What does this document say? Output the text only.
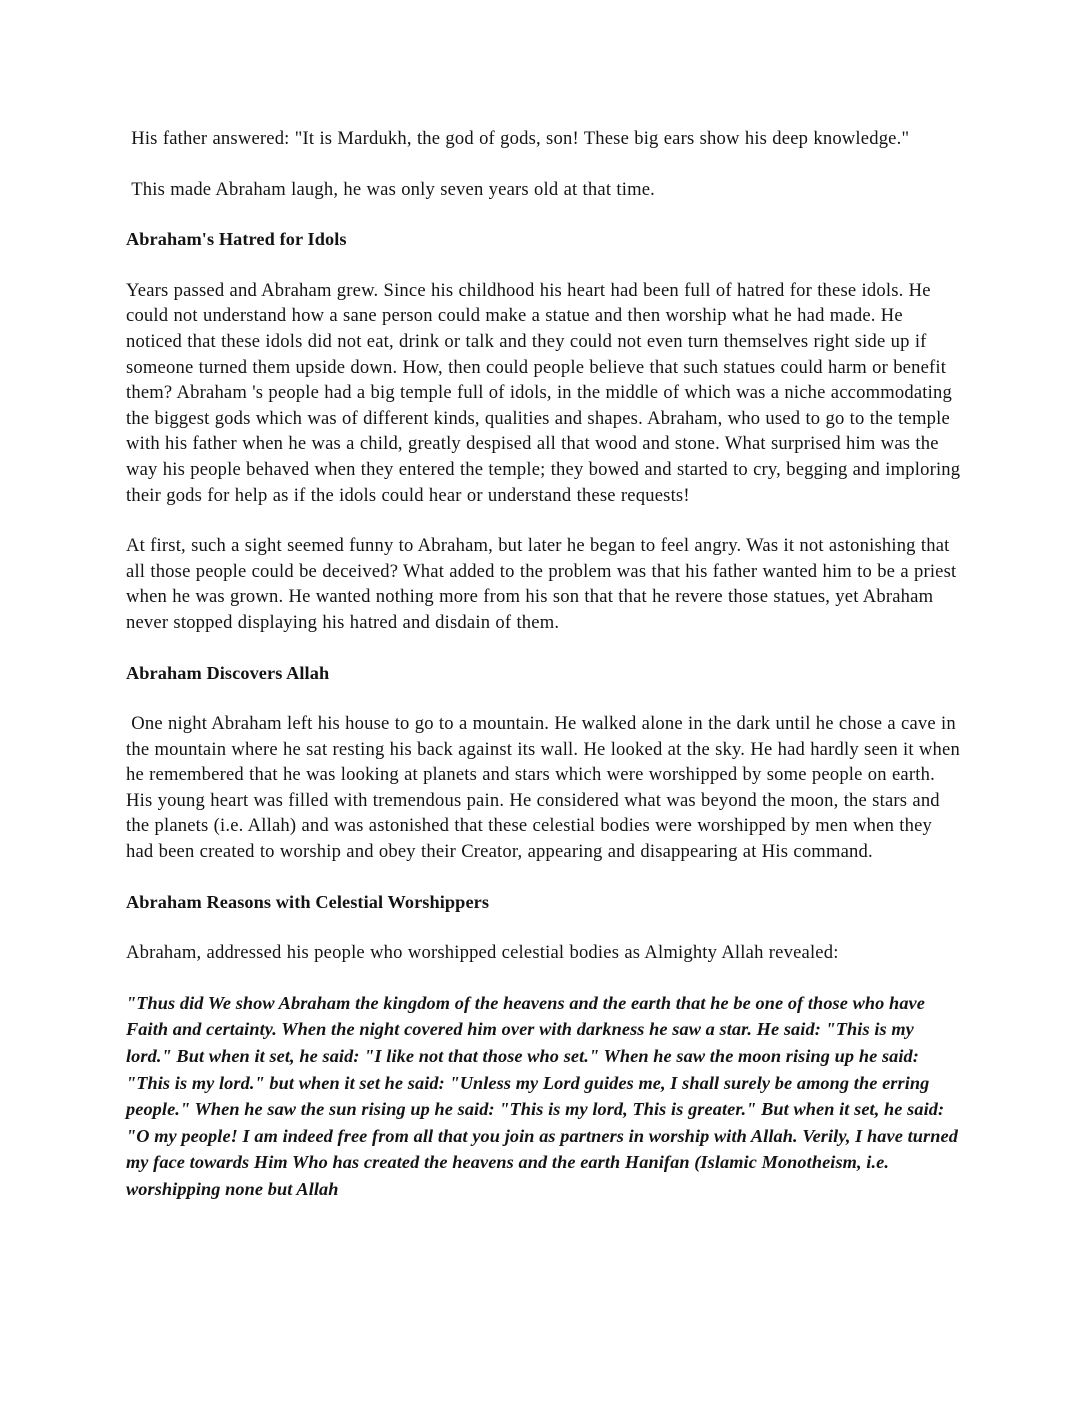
His father answered: "It is Mardukh, the god of gods, son! These big ears show his deep knowledge."

This made Abraham laugh, he was only seven years old at that time.

Abraham's Hatred for Idols

Years passed and Abraham grew. Since his childhood his heart had been full of hatred for these idols. He could not understand how a sane person could make a statue and then worship what he had made. He noticed that these idols did not eat, drink or talk and they could not even turn themselves right side up if someone turned them upside down. How, then could people believe that such statues could harm or benefit them? Abraham 's people had a big temple full of idols, in the middle of which was a niche accommodating the biggest gods which was of different kinds, qualities and shapes. Abraham, who used to go to the temple with his father when he was a child, greatly despised all that wood and stone. What surprised him was the way his people behaved when they entered the temple; they bowed and started to cry, begging and imploring their gods for help as if the idols could hear or understand these requests!

At first, such a sight seemed funny to Abraham, but later he began to feel angry. Was it not astonishing that all those people could be deceived? What added to the problem was that his father wanted him to be a priest when he was grown. He wanted nothing more from his son that that he revere those statues, yet Abraham never stopped displaying his hatred and disdain of them.

Abraham Discovers Allah

One night Abraham left his house to go to a mountain. He walked alone in the dark until he chose a cave in the mountain where he sat resting his back against its wall. He looked at the sky. He had hardly seen it when he remembered that he was looking at planets and stars which were worshipped by some people on earth. His young heart was filled with tremendous pain. He considered what was beyond the moon, the stars and the planets (i.e. Allah) and was astonished that these celestial bodies were worshipped by men when they had been created to worship and obey their Creator, appearing and disappearing at His command.

Abraham Reasons with Celestial Worshippers

Abraham, addressed his people who worshipped celestial bodies as Almighty Allah revealed:

"Thus did We show Abraham the kingdom of the heavens and the earth that he be one of those who have Faith and certainty. When the night covered him over with darkness he saw a star. He said: "This is my lord." But when it set, he said: "I like not that those who set." When he saw the moon rising up he said: "This is my lord." but when it set he said: "Unless my Lord guides me, I shall surely be among the erring people." When he saw the sun rising up he said: "This is my lord, This is greater." But when it set, he said: "O my people! I am indeed free from all that you join as partners in worship with Allah. Verily, I have turned my face towards Him Who has created the heavens and the earth Hanifan (Islamic Monotheism, i.e. worshipping none but Allah
